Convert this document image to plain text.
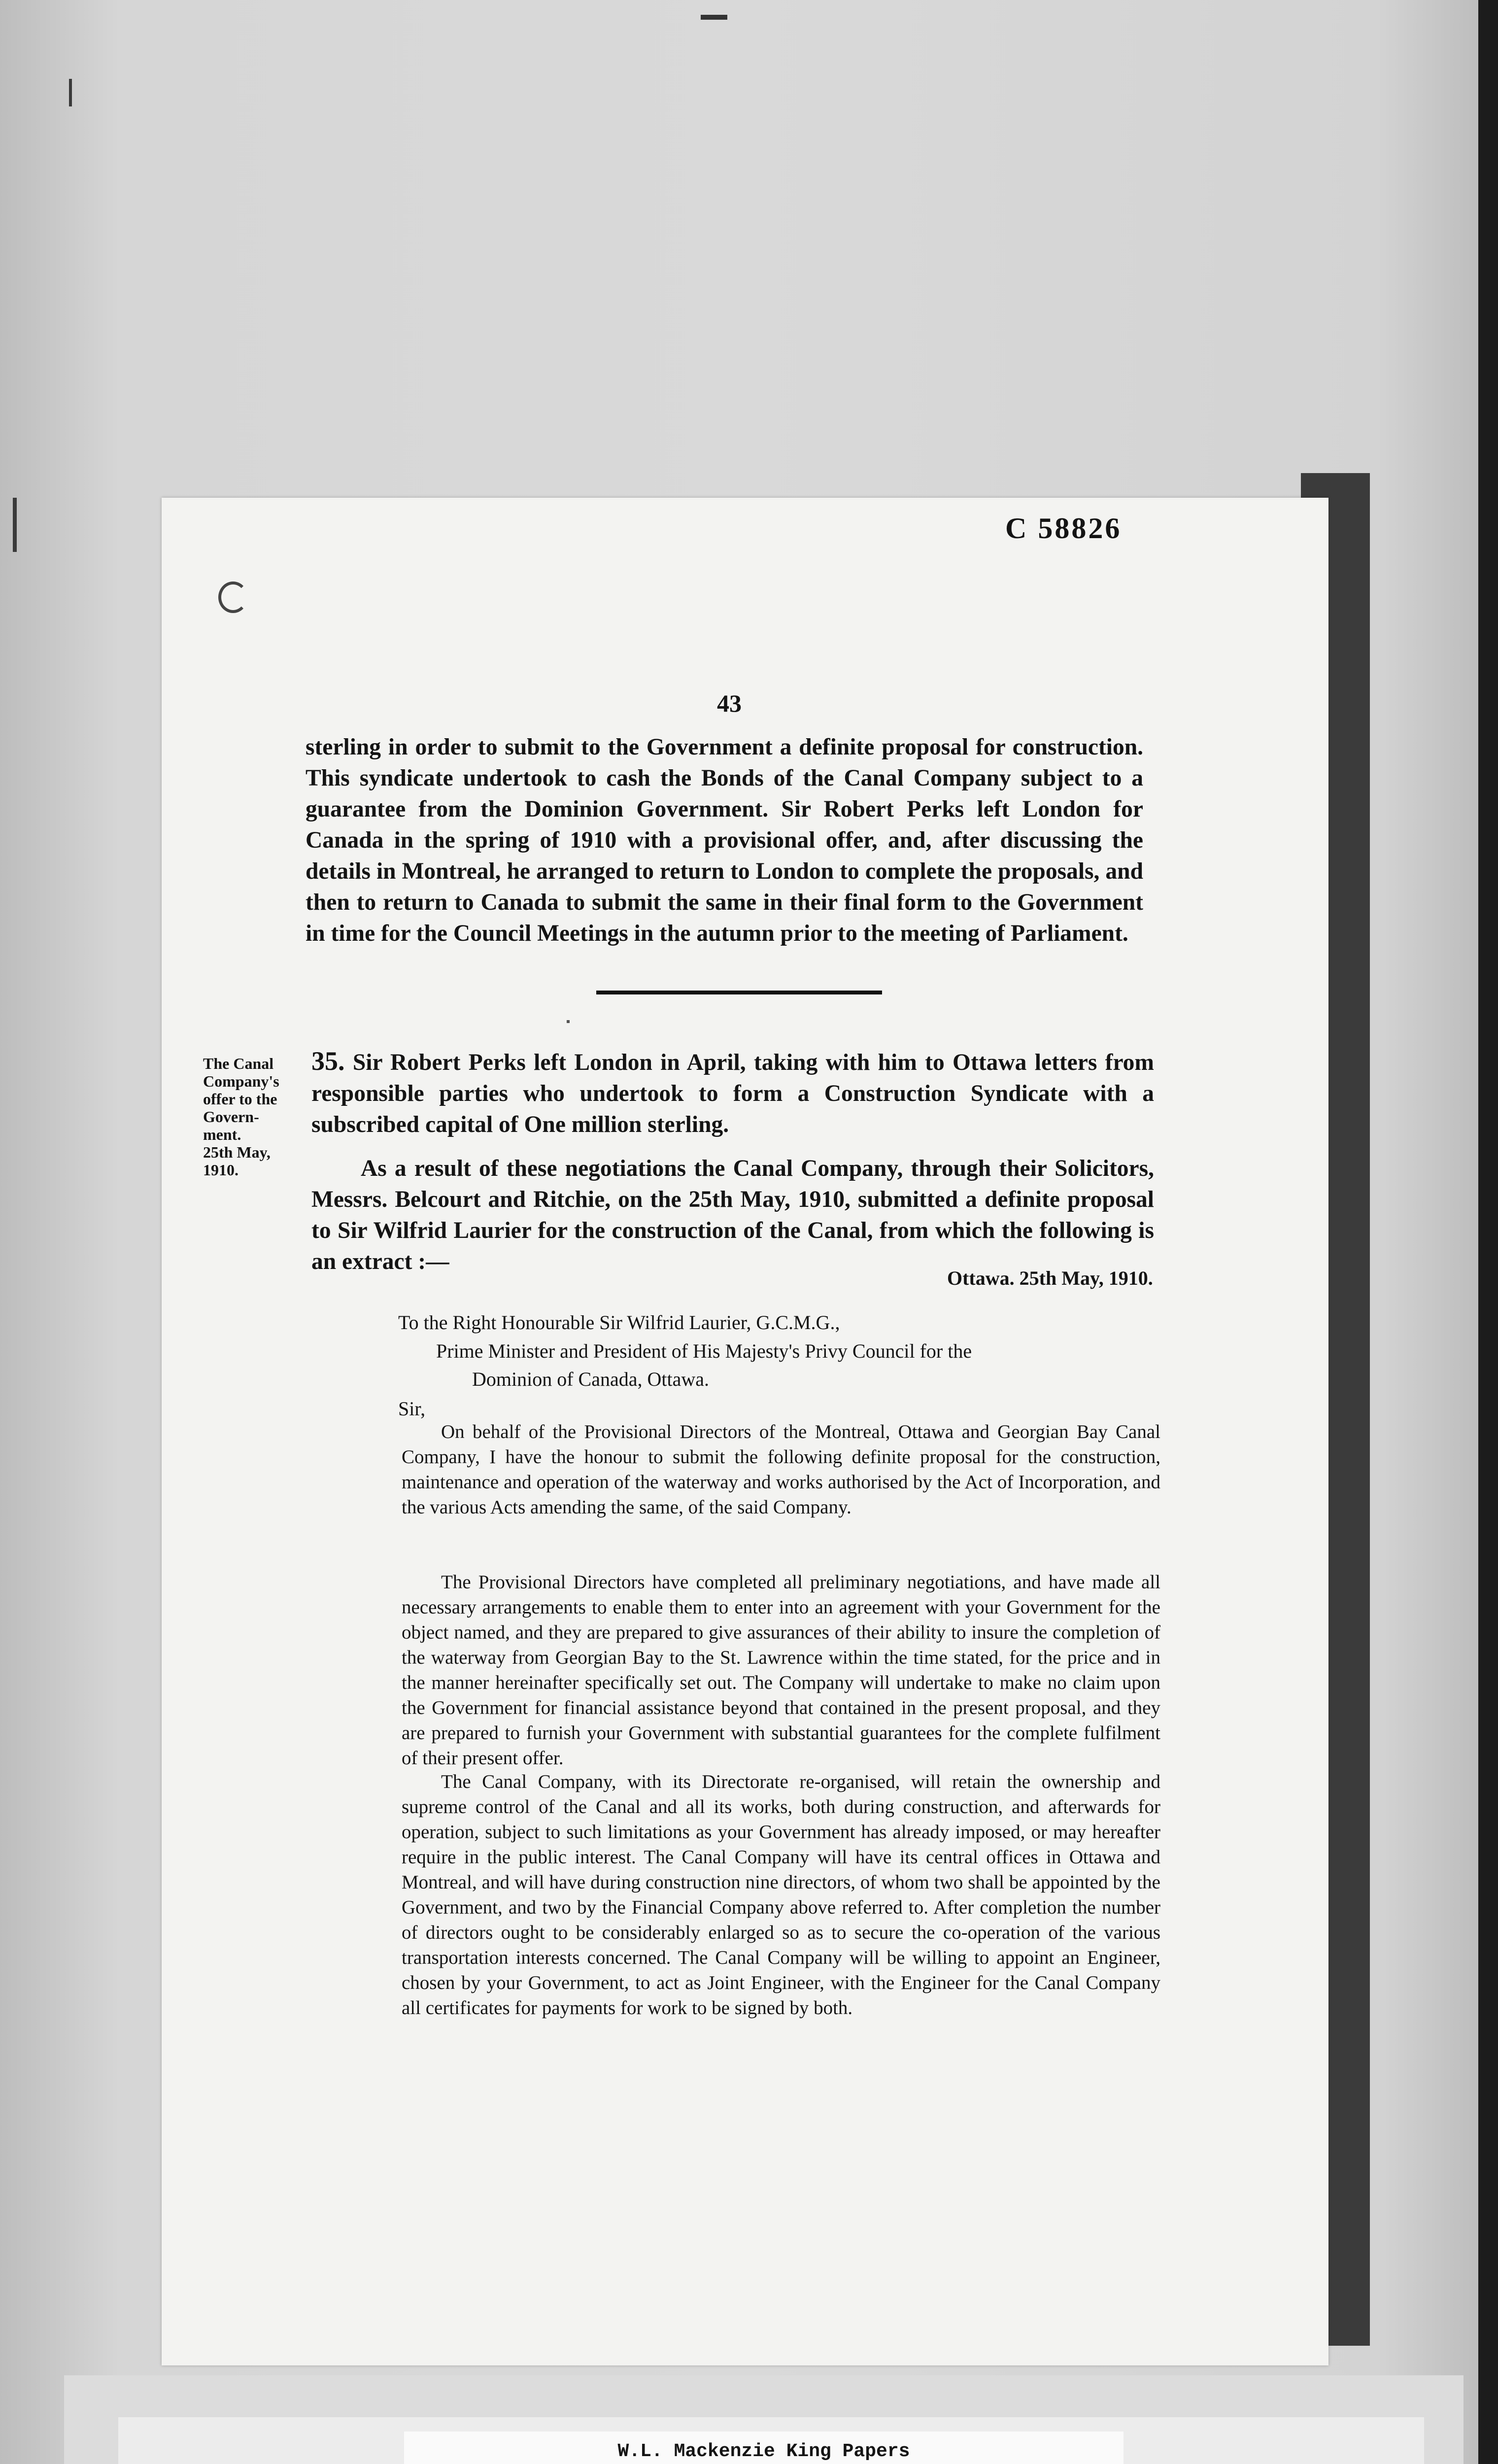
C 58826
43
sterling in order to submit to the Government a definite proposal for construction. This syndicate undertook to cash the Bonds of the Canal Company subject to a guarantee from the Dominion Government. Sir Robert Perks left London for Canada in the spring of 1910 with a provisional offer, and, after discussing the details in Montreal, he arranged to return to London to complete the proposals, and then to return to Canada to submit the same in their final form to the Government in time for the Council Meetings in the autumn prior to the meeting of Parliament.
The Canal
Company's
offer to the
Govern-
ment.
25th May,
1910.
35. Sir Robert Perks left London in April, taking with him to Ottawa letters from responsible parties who undertook to form a Construction Syndicate with a subscribed capital of One million sterling.
As a result of these negotiations the Canal Company, through their Solicitors, Messrs. Belcourt and Ritchie, on the 25th May, 1910, submitted a definite proposal to Sir Wilfrid Laurier for the construction of the Canal, from which the following is an extract :—
Ottawa. 25th May, 1910.
To the Right Honourable Sir Wilfrid Laurier, G.C.M.G.,
Prime Minister and President of His Majesty's Privy Council for the
Dominion of Canada, Ottawa.
Sir,
On behalf of the Provisional Directors of the Montreal, Ottawa and Georgian Bay Canal Company, I have the honour to submit the following definite proposal for the construction, maintenance and operation of the waterway and works authorised by the Act of Incorporation, and the various Acts amending the same, of the said Company.
The Provisional Directors have completed all preliminary negotiations, and have made all necessary arrangements to enable them to enter into an agreement with your Government for the object named, and they are prepared to give assurances of their ability to insure the completion of the waterway from Georgian Bay to the St. Lawrence within the time stated, for the price and in the manner hereinafter specifically set out. The Company will undertake to make no claim upon the Government for financial assistance beyond that contained in the present proposal, and they are prepared to furnish your Government with substantial guarantees for the complete fulfilment of their present offer.
The Canal Company, with its Directorate re-organised, will retain the ownership and supreme control of the Canal and all its works, both during construction, and afterwards for operation, subject to such limitations as your Government has already imposed, or may hereafter require in the public interest. The Canal Company will have its central offices in Ottawa and Montreal, and will have during construction nine directors, of whom two shall be appointed by the Government, and two by the Financial Company above referred to. After completion the number of directors ought to be considerably enlarged so as to secure the co-operation of the various transportation interests concerned. The Canal Company will be willing to appoint an Engineer, chosen by your Government, to act as Joint Engineer, with the Engineer for the Canal Company all certificates for payments for work to be signed by both.
W.L. Mackenzie King Papers
